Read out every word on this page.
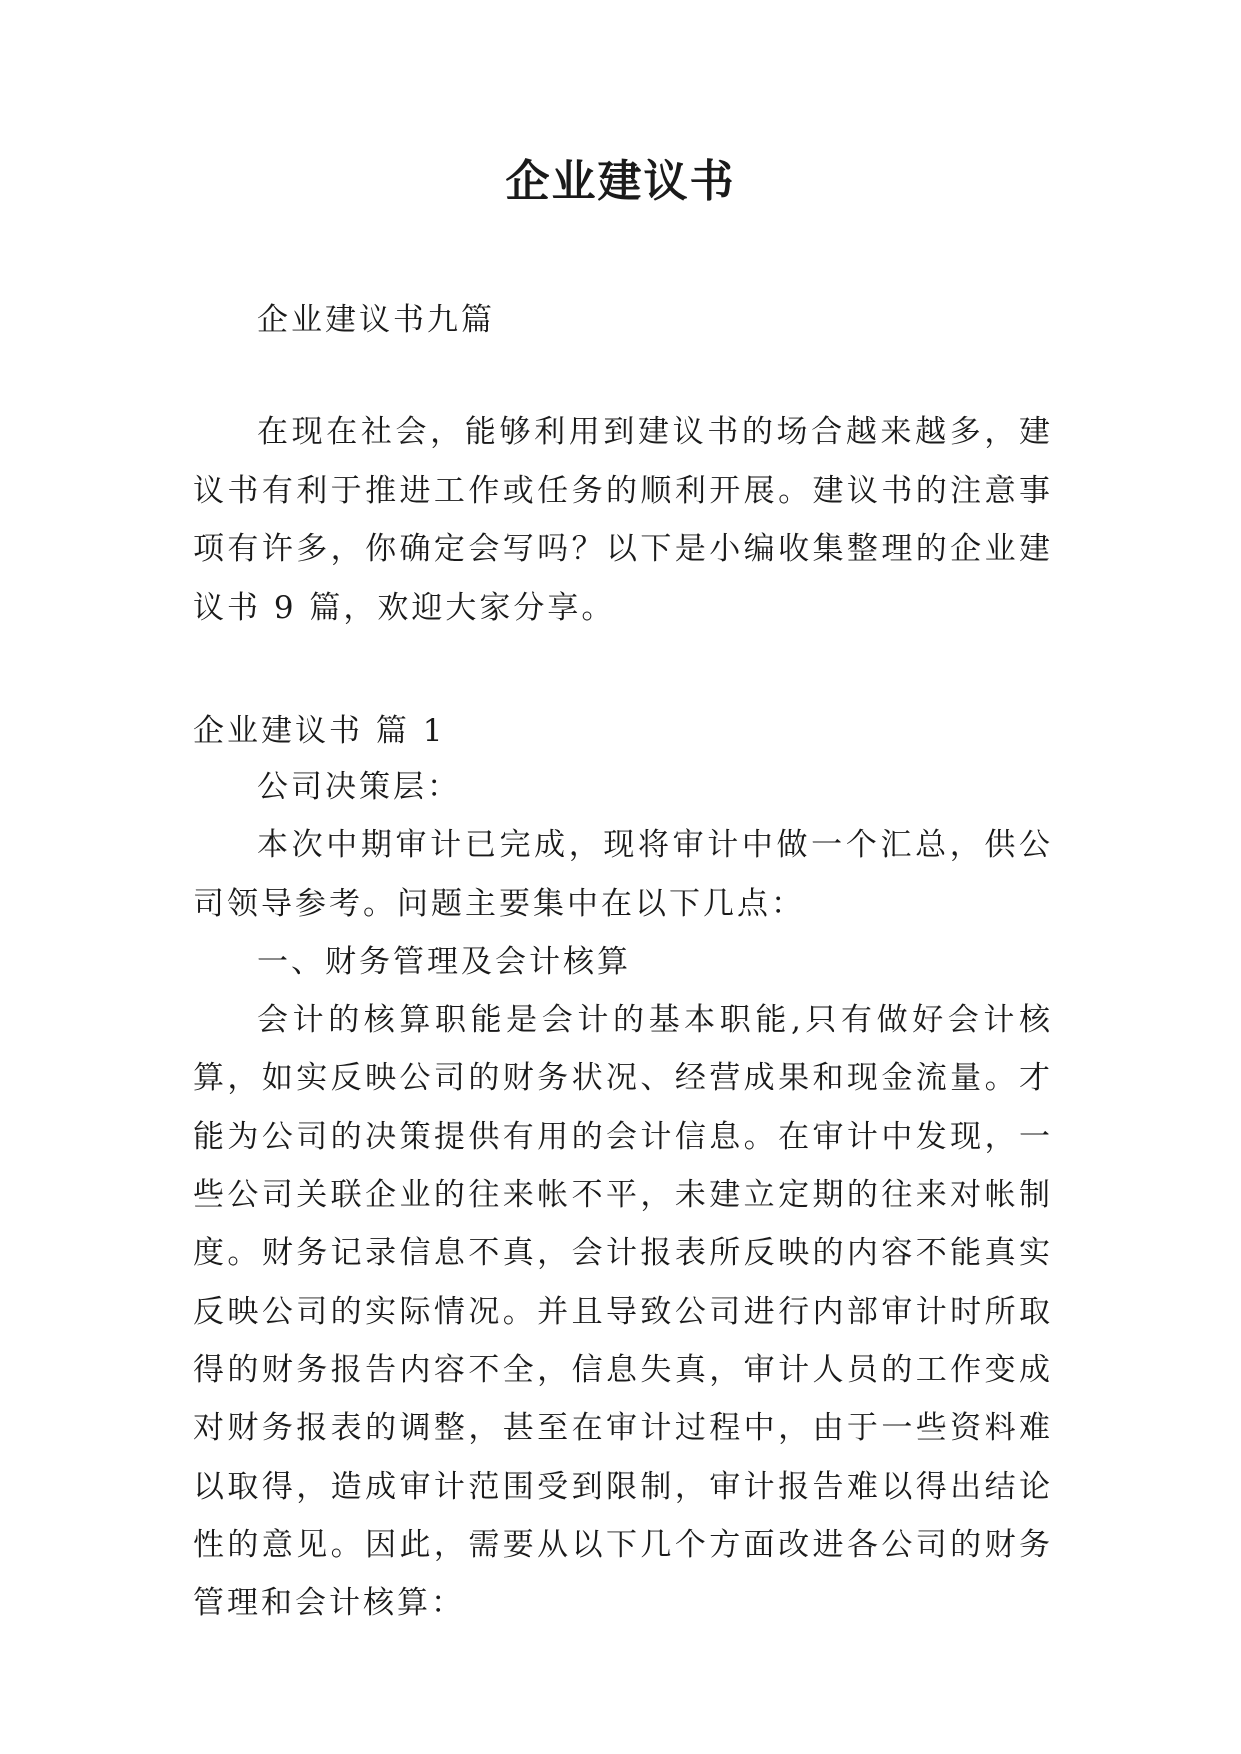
企业建议书
企业建议书九篇
在现在社会，能够利用到建议书的场合越来越多，建议书有利于推进工作或任务的顺利开展。建议书的注意事项有许多，你确定会写吗？以下是小编收集整理的企业建议书 9 篇，欢迎大家分享。
企业建议书 篇 1

公司决策层：

本次中期审计已完成，现将审计中做一个汇总，供公司领导参考。问题主要集中在以下几点：

一、财务管理及会计核算

会计的核算职能是会计的基本职能,只有做好会计核算，如实反映公司的财务状况、经营成果和现金流量。才能为公司的决策提供有用的会计信息。在审计中发现，一些公司关联企业的往来帐不平，未建立定期的往来对帐制度。财务记录信息不真，会计报表所反映的内容不能真实反映公司的实际情况。并且导致公司进行内部审计时所取得的财务报告内容不全，信息失真，审计人员的工作变成对财务报表的调整，甚至在审计过程中，由于一些资料难以取得，造成审计范围受到限制，审计报告难以得出结论性的意见。因此，需要从以下几个方面改进各公司的财务管理和会计核算：
